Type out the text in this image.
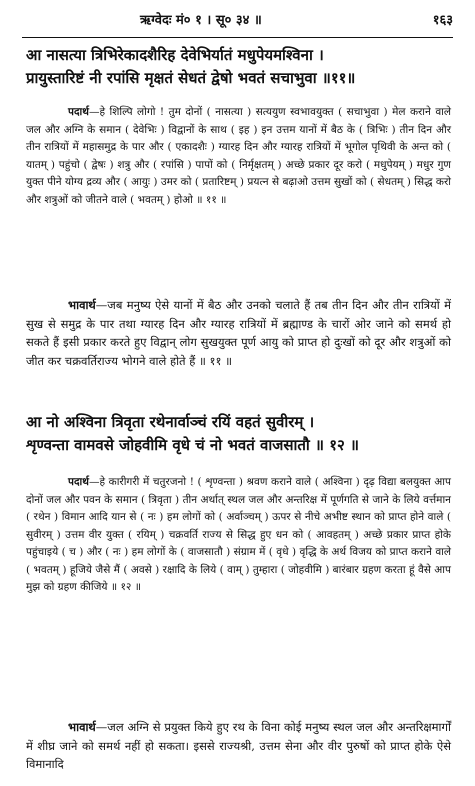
ऋग्वेदः मं० १ । सू० ३४ ॥	१६३
आ नासत्या त्रिभिरेकादशैरिह देवेभिर्यातं मधुपेयमश्विना ।
प्रायुस्तारिष्टं नी रपांसि मृक्षतं सेधतं द्वेषो भवतं सचाभुवा ॥११॥
पदार्थ—हे शिल्पि लोगो ! तुम दोनों ( नासत्या ) सत्ययुण स्वभावयुक्त ( सचाभुवा ) मेल कराने वाले जल और अग्नि के समान ( देवेभिः ) विद्वानों के साथ ( इह ) इन उत्तम यानों में बैठ के ( त्रिभिः ) तीन दिन और तीन रात्रियों में महासमुद्र के पार और ( एकादशैः ) ग्यारह दिन और ग्यारह रात्रियों में भूगोल पृथिवी के अन्त को ( यातम् ) पहुंचो ( द्वेषः ) शत्रु और ( रपांसि ) पापों को ( निर्मृक्षतम् ) अच्छे प्रकार दूर करो ( मधुपेयम् ) मधुर गुण युक्त पीने योग्य द्रव्य और ( आयुः ) उमर को ( प्रतारिष्टम् ) प्रयत्न से बढ़ाओ उत्तम सुखों को ( सेधतम् ) सिद्ध करो और शत्रुओं को जीतने वाले ( भवतम् ) होओ ॥ ११ ॥
भावार्थ—जब मनुष्य ऐसे यानों में बैठ और उनको चलाते हैं तब तीन दिन और तीन रात्रियों में सुख से समुद्र के पार तथा ग्यारह दिन और ग्यारह रात्रियों में ब्रह्माण्ड के चारों ओर जाने को समर्थ हो सकते हैं इसी प्रकार करते हुए विद्वान् लोग सुखयुक्त पूर्ण आयु को प्राप्त हो दुःखों को दूर और शत्रुओं को जीत कर चक्रवर्तिराज्य भोगने वाले होते हैं ॥ ११ ॥
आ नो अश्विना त्रिवृता रथेनार्वाञ्चं रयिं वहतं सुवीरम् ।
शृण्वन्ता वामवसे जोहवीमि वृधे चं नो भवतं वाजसातौ ॥ १२ ॥
पदार्थ—हे कारीगरी में चतुरजनो ! ( शृण्वन्ता ) श्रवण कराने वाले ( अश्विना ) दृढ़ विद्या बलयुक्त आप दोनों जल और पवन के समान ( त्रिवृता ) तीन अर्थात् स्थल जल और अन्तरिक्ष में पूर्णगति से जाने के लिये वर्त्तमान ( रथेन ) विमान आदि यान से ( नः ) हम लोगों को ( अर्वाञ्चम् ) ऊपर से नीचे अभीष्ट स्थान को प्राप्त होने वाले ( सुवीरम् ) उत्तम वीर युक्त ( रयिम् ) चक्रवर्ति राज्य से सिद्ध हुए धन को ( आवहतम् ) अच्छे प्रकार प्राप्त होके पहुंचाइये ( च ) और ( नः ) हम लोगों के ( वाजसातौ ) संग्राम में ( वृधे ) वृद्धि के अर्थ विजय को प्राप्त कराने वाले ( भवतम् ) हूजिये जैसे मैं ( अवसे ) रक्षादि के लिये ( वाम् ) तुम्हारा ( जोहवीमि ) बारंबार ग्रहण करता हूं वैसे आप मुझ को ग्रहण कीजिये ॥ १२ ॥
भावार्थ—जल अग्नि से प्रयुक्त किये हुए रथ के विना कोई मनुष्य स्थल जल और अन्तरिक्षमार्गों में शीघ्र जाने को समर्थ नहीं हो सकता। इससे राज्यश्री, उत्तम सेना और वीर पुरुषों को प्राप्त होके ऐसे विमानादि
